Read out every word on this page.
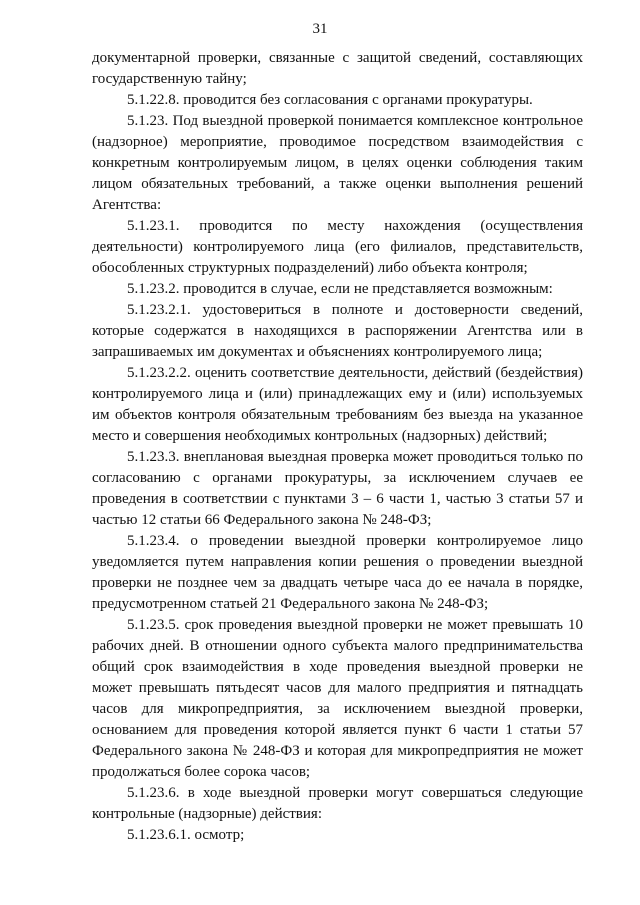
31

документарной проверки, связанные с защитой сведений, составляющих государственную тайну;

5.1.22.8. проводится без согласования с органами прокуратуры.

5.1.23. Под выездной проверкой понимается комплексное контрольное (надзорное) мероприятие, проводимое посредством взаимодействия с конкретным контролируемым лицом, в целях оценки соблюдения таким лицом обязательных требований, а также оценки выполнения решений Агентства:

5.1.23.1. проводится по месту нахождения (осуществления деятельности) контролируемого лица (его филиалов, представительств, обособленных структурных подразделений) либо объекта контроля;

5.1.23.2. проводится в случае, если не представляется возможным:

5.1.23.2.1. удостовериться в полноте и достоверности сведений, которые содержатся в находящихся в распоряжении Агентства или в запрашиваемых им документах и объяснениях контролируемого лица;

5.1.23.2.2. оценить соответствие деятельности, действий (бездействия) контролируемого лица и (или) принадлежащих ему и (или) используемых им объектов контроля обязательным требованиям без выезда на указанное место и совершения необходимых контрольных (надзорных) действий;

5.1.23.3. внеплановая выездная проверка может проводиться только по согласованию с органами прокуратуры, за исключением случаев ее проведения в соответствии с пунктами 3 – 6 части 1, частью 3 статьи 57 и частью 12 статьи 66 Федерального закона № 248-ФЗ;

5.1.23.4. о проведении выездной проверки контролируемое лицо уведомляется путем направления копии решения о проведении выездной проверки не позднее чем за двадцать четыре часа до ее начала в порядке, предусмотренном статьей 21 Федерального закона № 248-ФЗ;

5.1.23.5. срок проведения выездной проверки не может превышать 10 рабочих дней. В отношении одного субъекта малого предпринимательства общий срок взаимодействия в ходе проведения выездной проверки не может превышать пятьдесят часов для малого предприятия и пятнадцать часов для микропредприятия, за исключением выездной проверки, основанием для проведения которой является пункт 6 части 1 статьи 57 Федерального закона № 248-ФЗ и которая для микропредприятия не может продолжаться более сорока часов;

5.1.23.6. в ходе выездной проверки могут совершаться следующие контрольные (надзорные) действия:

5.1.23.6.1. осмотр;
